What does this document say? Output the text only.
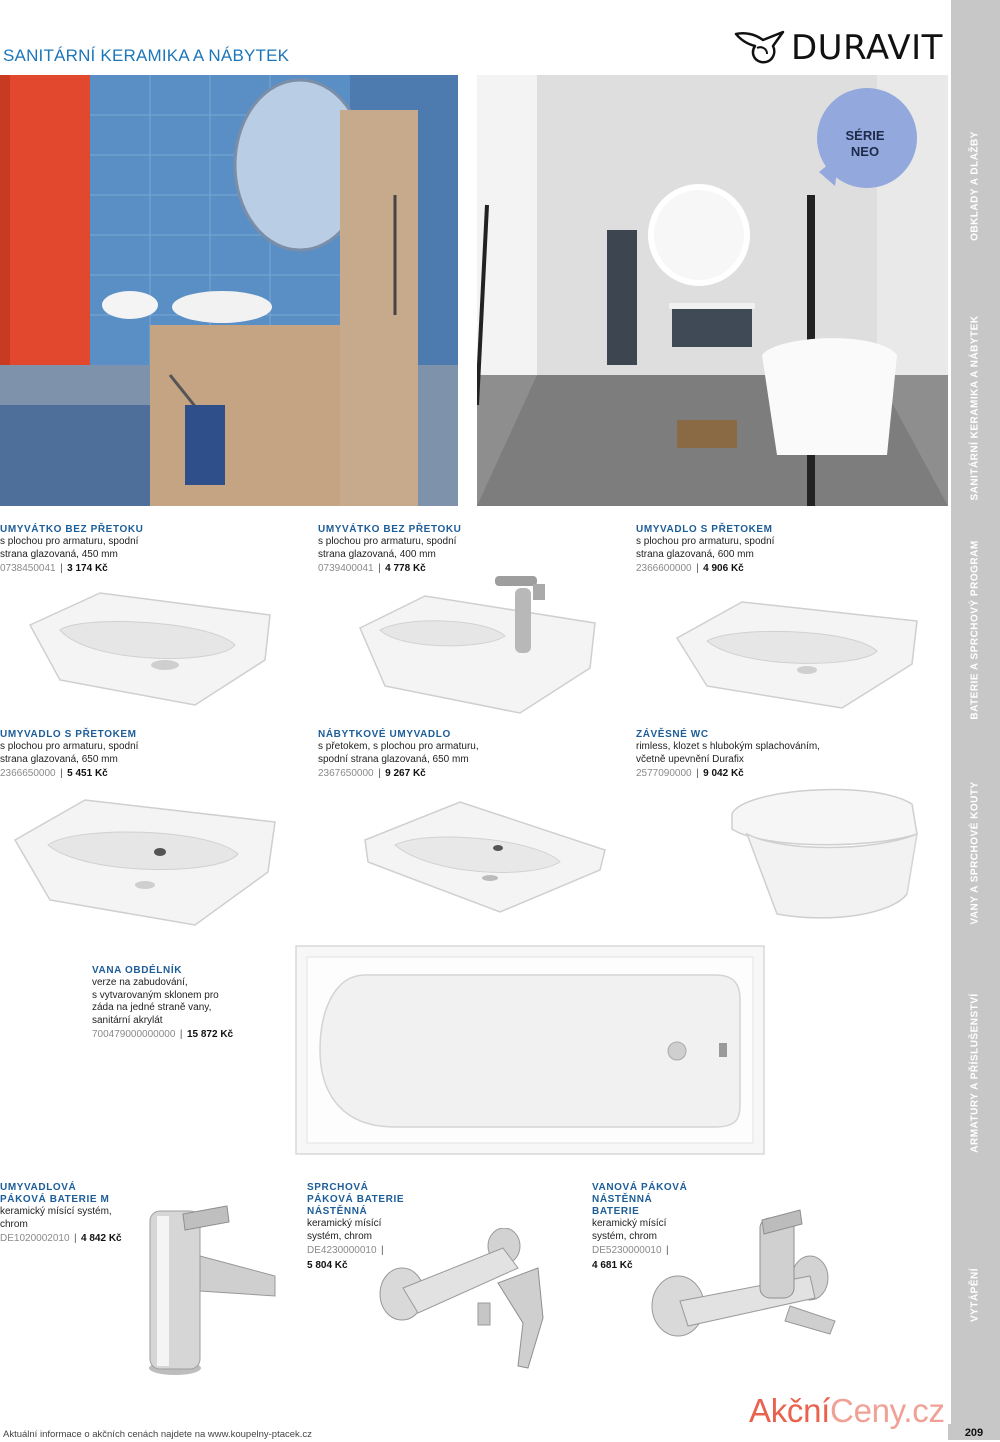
SANITÁRNÍ KERAMIKA A NÁBYTEK	DURAVIT
SÉRIE
NEO
UMYVÁTKO BEZ PŘETOKU
s plochou pro armaturu, spodní
strana glazovaná, 450 mm
0738450041 | 3 174 Kč
UMYVÁTKO BEZ PŘETOKU
s plochou pro armaturu, spodní
strana glazovaná, 400 mm
0739400041 | 4 778 Kč
UMYVADLO S PŘETOKEM
s plochou pro armaturu, spodní
strana glazovaná, 600 mm
2366600000 | 4 906 Kč
UMYVADLO S PŘETOKEM
s plochou pro armaturu, spodní
strana glazovaná, 650 mm
2366650000 | 5 451 Kč
NÁBYTKOVÉ UMYVADLO
s přetokem, s plochou pro armaturu,
spodní strana glazovaná, 650 mm
2367650000 | 9 267 Kč
ZÁVĚSNÉ WC
rimless, klozet s hlubokým splachováním,
včetně upevnění Durafix
2577090000 | 9 042 Kč
VANA OBDÉLNÍK
verze na zabudování,
s vytvarovaným sklonem pro
záda na jedné straně vany,
sanitární akrylát
700479000000000 | 15 872 Kč
UMYVADLOVÁ
PÁKOVÁ BATERIE M
keramický mísící systém,
chrom
DE1020002010 | 4 842 Kč
SPRCHOVÁ
PÁKOVÁ BATERIE
NÁSTĚNNÁ
keramický mísící
systém, chrom
DE4230000010 |
5 804 Kč
VANOVÁ PÁKOVÁ
NÁSTĚNNÁ
BATERIE
keramický mísící
systém, chrom
DE5230000010 |
4 681 Kč
OBKLADY A DLAŽBY
SANITÁRNÍ KERAMIKA A NÁBYTEK
BATERIE A SPRCHOVÝ PROGRAM
VANY A SPRCHOVÉ KOUTY
ARMATURY A PŘÍSLUŠENSTVÍ
VYTÁPĚNÍ
Aktuální informace o akčních cenách najdete na www.koupelny-ptacek.cz
AkčníCeny.cz
209
